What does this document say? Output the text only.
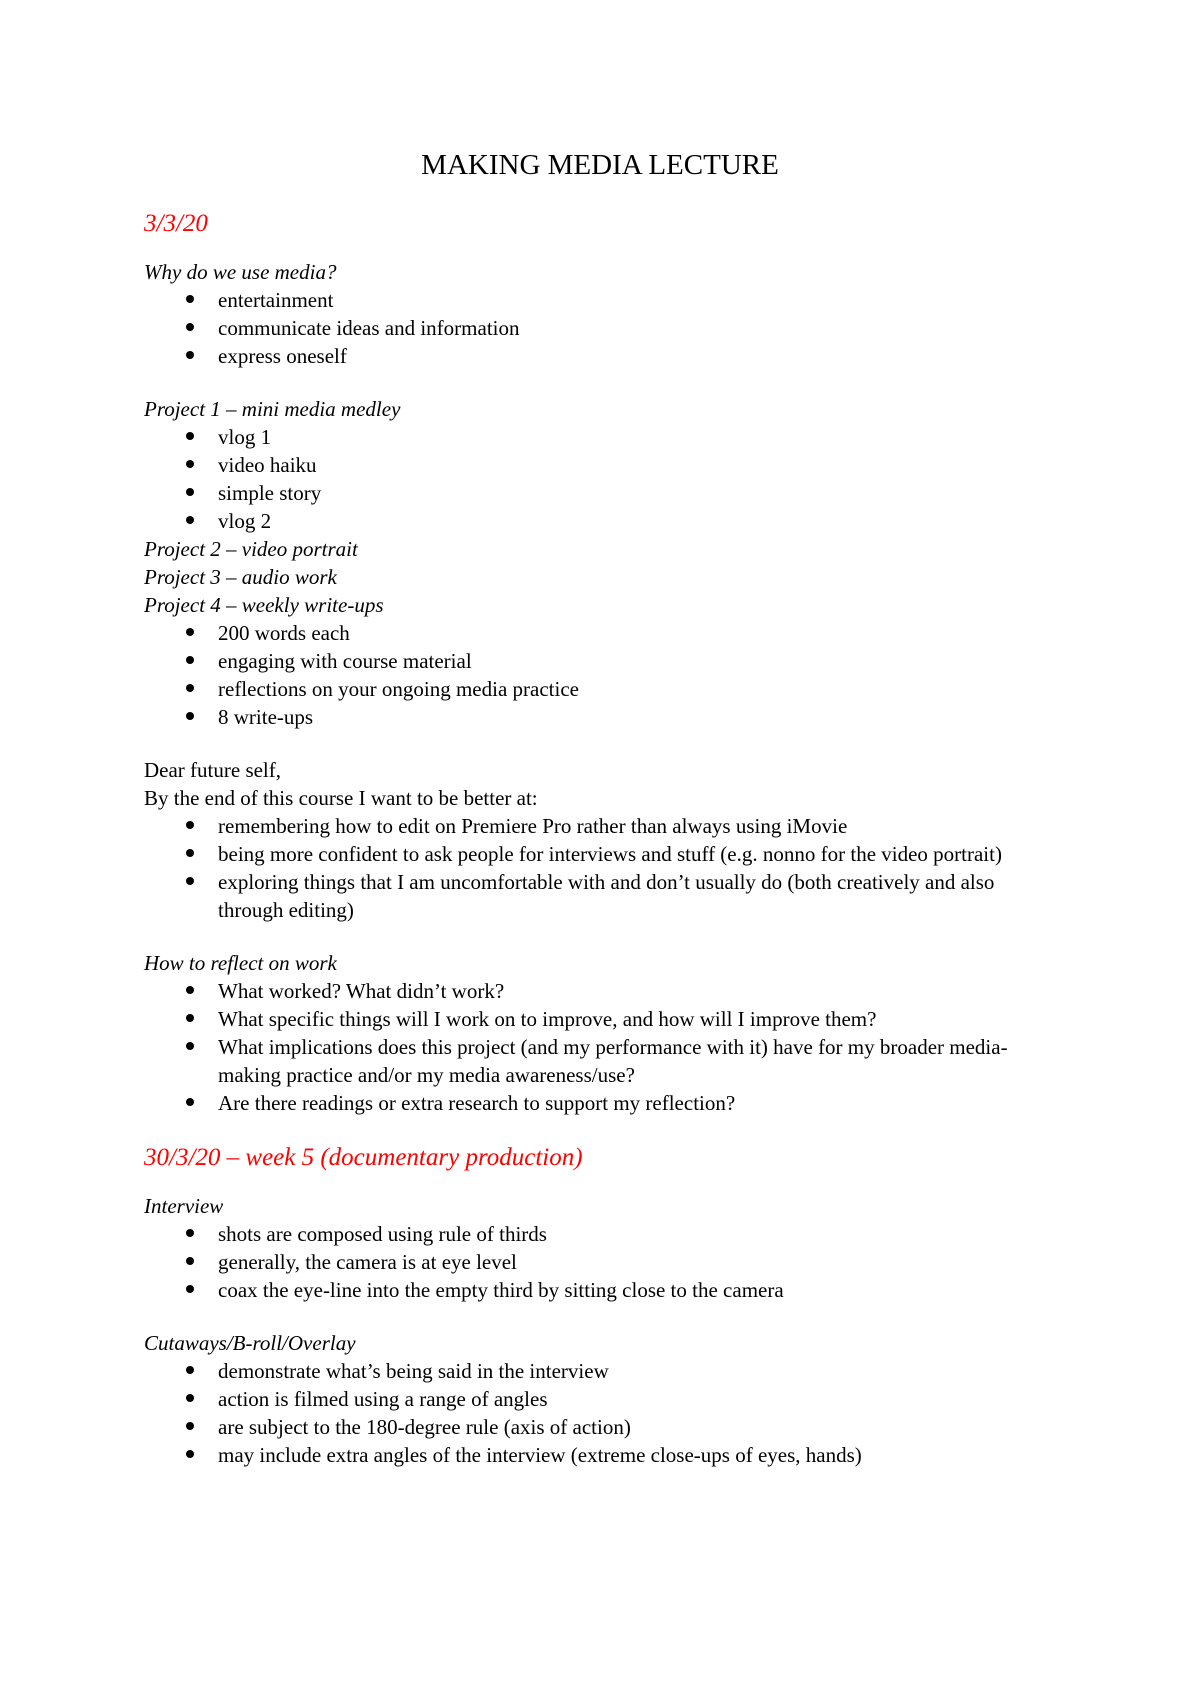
MAKING MEDIA LECTURE
3/3/20
Why do we use media?
entertainment
communicate ideas and information
express oneself
Project 1 – mini media medley
vlog 1
video haiku
simple story
vlog 2
Project 2 – video portrait
Project 3 – audio work
Project 4 – weekly write-ups
200 words each
engaging with course material
reflections on your ongoing media practice
8 write-ups
Dear future self,
By the end of this course I want to be better at:
remembering how to edit on Premiere Pro rather than always using iMovie
being more confident to ask people for interviews and stuff (e.g. nonno for the video portrait)
exploring things that I am uncomfortable with and don’t usually do (both creatively and also through editing)
How to reflect on work
What worked? What didn’t work?
What specific things will I work on to improve, and how will I improve them?
What implications does this project (and my performance with it) have for my broader media-making practice and/or my media awareness/use?
Are there readings or extra research to support my reflection?
30/3/20 – week 5 (documentary production)
Interview
shots are composed using rule of thirds
generally, the camera is at eye level
coax the eye-line into the empty third by sitting close to the camera
Cutaways/B-roll/Overlay
demonstrate what’s being said in the interview
action is filmed using a range of angles
are subject to the 180-degree rule (axis of action)
may include extra angles of the interview (extreme close-ups of eyes, hands)
